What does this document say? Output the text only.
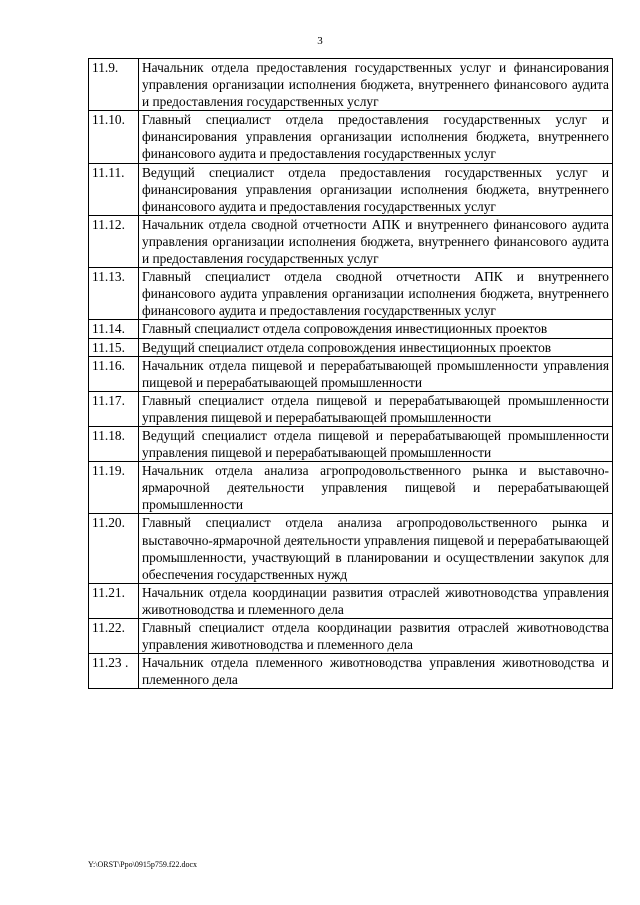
3
11.9.	Начальник отдела предоставления государственных услуг и финансирования управления организации исполнения бюджета, внутреннего финансового аудита и предоставления государственных услуг
11.10.	Главный специалист отдела предоставления государственных услуг и финансирования управления организации исполнения бюджета, внутреннего финансового аудита и предоставления государственных услуг
11.11.	Ведущий специалист отдела предоставления государственных услуг и финансирования управления организации исполнения бюджета, внутреннего финансового аудита и предоставления государственных услуг
11.12.	Начальник отдела сводной отчетности АПК и внутреннего финансового аудита управления организации исполнения бюджета, внутреннего финансового аудита и предоставления государственных услуг
11.13.	Главный специалист отдела сводной отчетности АПК и внутреннего финансового аудита управления организации исполнения бюджета, внутреннего финансового аудита и предоставления государственных услуг
11.14.	Главный специалист отдела сопровождения инвестиционных проектов
11.15.	Ведущий специалист отдела сопровождения инвестиционных проектов
11.16.	Начальник отдела пищевой и перерабатывающей промышленности управления пищевой и перерабатывающей промышленности
11.17.	Главный специалист отдела пищевой и перерабатывающей промышленности управления пищевой и перерабатывающей промышленности
11.18.	Ведущий специалист отдела пищевой и перерабатывающей промышленности управления пищевой и перерабатывающей промышленности
11.19.	Начальник отдела анализа агропродовольственного рынка и выставочно-ярмарочной деятельности управления пищевой и перерабатывающей промышленности
11.20.	Главный специалист отдела анализа агропродовольственного рынка и выставочно-ярмарочной деятельности управления пищевой и перерабатывающей промышленности, участвующий в планировании и осуществлении закупок для обеспечения государственных нужд
11.21.	Начальник отдела координации развития отраслей животноводства управления животноводства и племенного дела
11.22.	Главный специалист отдела координации развития отраслей животноводства управления животноводства и племенного дела
11.23 .	Начальник отдела племенного животноводства управления животноводства и племенного дела
Y:\ORST\Ppo\0915p759.f22.docx
